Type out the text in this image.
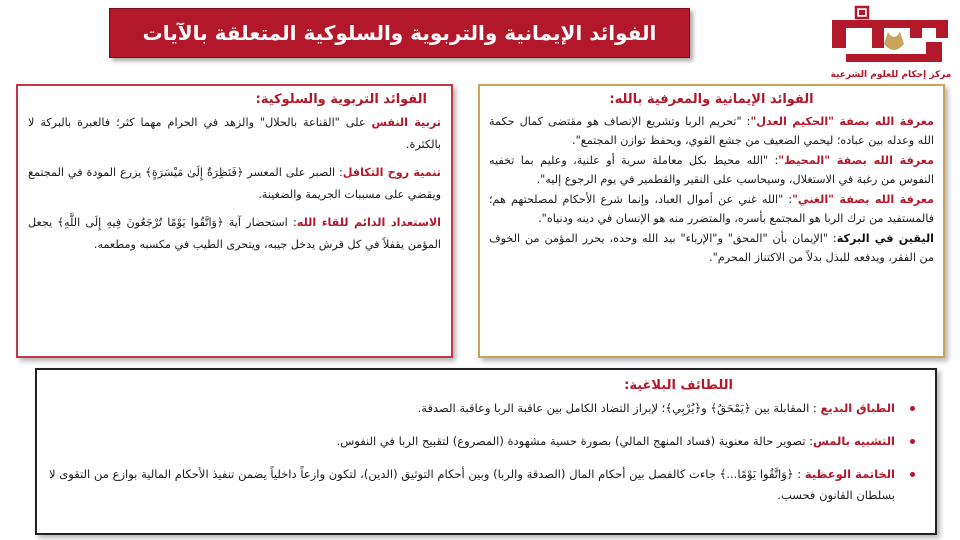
الفوائد الإيمانية والتربوية والسلوكية المتعلقة بالآيات
مركز إحكام للعلوم الشرعية
الفوائد الإيمانية والمعرفية بالله:
معرفة الله بصفة "الحكيم العدل": "تحريم الربا وتشريع الإنصاف هو مقتضى كمال حكمة الله وعدله بين عباده؛ ليحمي الضعيف من جشع القوي، ويحفظ توازن المجتمع".
معرفة الله بصفة "المحيط": "الله محيط بكل معاملة سرية أو علنية، وعليم بما تخفيه النفوس من رغبة في الاستغلال، وسيحاسب على النقير والقطمير في يوم الرجوع إليه".
معرفة الله بصفة "الغني": "الله غني عن أموال العباد، وإنما شرع الأحكام لمصلحتهم هم؛ فالمستفيد من ترك الربا هو المجتمع بأسره، والمتضرر منه هو الإنسان في دينه ودنياه".
اليقين في البركة: "الإيمان بأن "المحق" و"الإرباء" بيد الله وحده، يحرر المؤمن من الخوف من الفقر، ويدفعه للبذل بدلاً من الاكتناز المحرم".
الفوائد التربوية والسلوكية:
تربية النفس على "القناعة بالحلال" والزهد في الحرام مهما كثر؛ فالعبرة بالبركة لا بالكثرة.
تنمية روح التكافل: الصبر على المعسر ﴿فَنَظِرَةٌ إِلَىٰ مَيْسَرَةٍ﴾ يزرع المودة في المجتمع ويقضي على مسببات الجريمة والضغينة.
الاستعداد الدائم للقاء الله: استحضار آية ﴿وَاتَّقُوا يَوْمًا تُرْجَعُونَ فِيهِ إِلَى اللَّهِ﴾ يجعل المؤمن يقفلاً في كل قرش يدخل جيبه، ويتحرى الطيب في مكسبه ومطعمه.
اللطائف البلاغية:
الطباق البديع : المقابلة بين ﴿يَمْحَقُ﴾ و﴿يُرْبِي﴾؛ لإبراز التضاد الكامل بين عاقبة الربا وعاقبة الصدقة.
التشبيه بالمس: تصوير حالة معنوية (فساد المنهج المالي) بصورة حسية مشهودة (المصروع) لتقبيح الربا في النفوس.
الخاتمة الوعظية : ﴿وَاتَّقُوا يَوْمًا...﴾ جاءت كالفصل بين أحكام المال (الصدقة والربا) وبين أحكام التوثيق (الدين)، لتكون وازعاً داخلياً يضمن تنفيذ الأحكام المالية بوازع من التقوى لا بسلطان القانون فحسب.
